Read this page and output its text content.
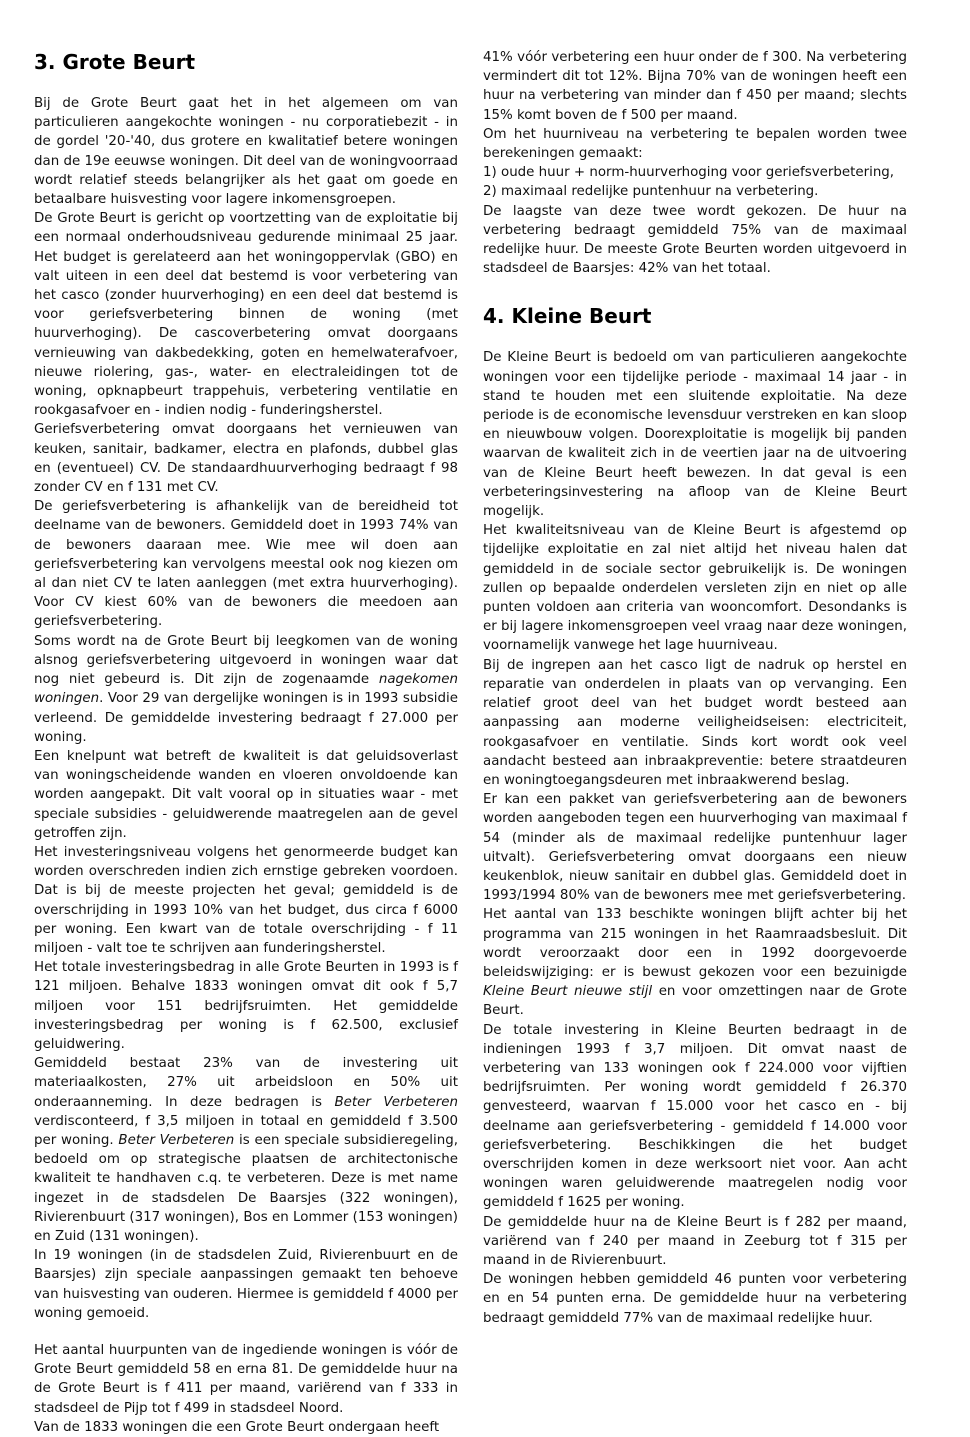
3. Grote Beurt

Bij de Grote Beurt gaat het in het algemeen om van particulieren aangekochte woningen - nu corporatiebezit - in de gordel '20-'40, dus grotere en kwalitatief betere woningen dan de 19e eeuwse woningen. Dit deel van de woningvoorraad wordt relatief steeds belangrijker als het gaat om goede en betaalbare huisvesting voor lagere inkomensgroepen.

De Grote Beurt is gericht op voortzetting van de exploitatie bij een normaal onderhoudsniveau gedurende minimaal 25 jaar. Het budget is gerelateerd aan het woningoppervlak (GBO) en valt uiteen in een deel dat bestemd is voor verbetering van het casco (zonder huurverhoging) en een deel dat bestemd is voor geriefsverbetering binnen de woning (met huurverhoging). De cascoverbetering omvat doorgaans vernieuwing van dakbedekking, goten en hemelwaterafvoer, nieuwe riolering, gas-, water- en electraleidingen tot de woning, opknapbeurt trappehuis, verbetering ventilatie en rookgasafvoer en - indien nodig - funderingsherstel.

Geriefsverbetering omvat doorgaans het vernieuwen van keuken, sanitair, badkamer, electra en plafonds, dubbel glas en (eventueel) CV. De standaardhuurverhoging bedraagt f 98 zonder CV en f 131 met CV.

De geriefsverbetering is afhankelijk van de bereidheid tot deelname van de bewoners. Gemiddeld doet in 1993 74% van de bewoners daaraan mee. Wie mee wil doen aan geriefsverbetering kan vervolgens meestal ook nog kiezen om al dan niet CV te laten aanleggen (met extra huurverhoging). Voor CV kiest 60% van de bewoners die meedoen aan geriefsverbetering.

Soms wordt na de Grote Beurt bij leegkomen van de woning alsnog geriefsverbetering uitgevoerd in woningen waar dat nog niet gebeurd is. Dit zijn de zogenaamde nagekomen woningen. Voor 29 van dergelijke woningen is in 1993 subsidie verleend. De gemiddelde investering bedraagt f 27.000 per woning.

Een knelpunt wat betreft de kwaliteit is dat geluidsoverlast van woningscheidende wanden en vloeren onvoldoende kan worden aangepakt. Dit valt vooral op in situaties waar - met speciale subsidies - geluidwerende maatregelen aan de gevel getroffen zijn.

Het investeringsniveau volgens het genormeerde budget kan worden overschreden indien zich ernstige gebreken voordoen. Dat is bij de meeste projecten het geval; gemiddeld is de overschrijding in 1993 10% van het budget, dus circa f 6000 per woning. Een kwart van de totale overschrijding - f 11 miljoen - valt toe te schrijven aan funderingsherstel.

Het totale investeringsbedrag in alle Grote Beurten in 1993 is f 121 miljoen. Behalve 1833 woningen omvat dit ook f 5,7 miljoen voor 151 bedrijfsruimten. Het gemiddelde investeringsbedrag per woning is f 62.500, exclusief geluidwering.

Gemiddeld bestaat 23% van de investering uit materiaalkosten, 27% uit arbeidsloon en 50% uit onderaanneming. In deze bedragen is Beter Verbeteren verdisconteerd, f 3,5 miljoen in totaal en gemiddeld f 3.500 per woning. Beter Verbeteren is een speciale subsidieregeling, bedoeld om op strategische plaatsen de architectonische kwaliteit te handhaven c.q. te verbeteren. Deze is met name ingezet in de stadsdelen De Baarsjes (322 woningen), Rivierenbuurt (317 woningen), Bos en Lommer (153 woningen) en Zuid (131 woningen).

In 19 woningen (in de stadsdelen Zuid, Rivierenbuurt en de Baarsjes) zijn speciale aanpassingen gemaakt ten behoeve van huisvesting van ouderen. Hiermee is gemiddeld f 4000 per woning gemoeid.

Het aantal huurpunten van de ingediende woningen is vóór de Grote Beurt gemiddeld 58 en erna 81. De gemiddelde huur na de Grote Beurt is f 411 per maand, variërend van f 333 in stadsdeel de Pijp tot f 499 in stadsdeel Noord.

Van de 1833 woningen die een Grote Beurt ondergaan heeft

41% vóór verbetering een huur onder de f 300. Na verbetering vermindert dit tot 12%. Bijna 70% van de woningen heeft een huur na verbetering van minder dan f 450 per maand; slechts 15% komt boven de f 500 per maand.

Om het huurniveau na verbetering te bepalen worden twee berekeningen gemaakt:

1) oude huur + norm-huurverhoging voor geriefsverbetering,

2) maximaal redelijke puntenhuur na verbetering.

De laagste van deze twee wordt gekozen. De huur na verbetering bedraagt gemiddeld 75% van de maximaal redelijke huur. De meeste Grote Beurten worden uitgevoerd in stadsdeel de Baarsjes: 42% van het totaal.

4. Kleine Beurt

De Kleine Beurt is bedoeld om van particulieren aangekochte woningen voor een tijdelijke periode - maximaal 14 jaar - in stand te houden met een sluitende exploitatie. Na deze periode is de economische levensduur verstreken en kan sloop en nieuwbouw volgen. Doorexploitatie is mogelijk bij panden waarvan de kwaliteit zich in de veertien jaar na de uitvoering van de Kleine Beurt heeft bewezen. In dat geval is een verbeteringsinvestering na afloop van de Kleine Beurt mogelijk.

Het kwaliteitsniveau van de Kleine Beurt is afgestemd op tijdelijke exploitatie en zal niet altijd het niveau halen dat gemiddeld in de sociale sector gebruikelijk is. De woningen zullen op bepaalde onderdelen versleten zijn en niet op alle punten voldoen aan criteria van wooncomfort. Desondanks is er bij lagere inkomensgroepen veel vraag naar deze woningen, voornamelijk vanwege het lage huurniveau.

Bij de ingrepen aan het casco ligt de nadruk op herstel en reparatie van onderdelen in plaats van op vervanging. Een relatief groot deel van het budget wordt besteed aan aanpassing aan moderne veiligheidseisen: electriciteit, rookgasafvoer en ventilatie. Sinds kort wordt ook veel aandacht besteed aan inbraakpreventie: betere straatdeuren en woningtoegangsdeuren met inbraakwerend beslag.

Er kan een pakket van geriefsverbetering aan de bewoners worden aangeboden tegen een huurverhoging van maximaal f 54 (minder als de maximaal redelijke puntenhuur lager uitvalt). Geriefsverbetering omvat doorgaans een nieuw keukenblok, nieuw sanitair en dubbel glas. Gemiddeld doet in 1993/1994 80% van de bewoners mee met geriefsverbetering.

Het aantal van 133 beschikte woningen blijft achter bij het programma van 215 woningen in het Raamraadsbesluit. Dit wordt veroorzaakt door een in 1992 doorgevoerde beleidswijziging: er is bewust gekozen voor een bezuinigde Kleine Beurt nieuwe stijl en voor omzettingen naar de Grote Beurt.

De totale investering in Kleine Beurten bedraagt in de indieningen 1993 f 3,7 miljoen. Dit omvat naast de verbetering van 133 woningen ook f 224.000 voor vijftien bedrijfsruimten. Per woning wordt gemiddeld f 26.370 genvesteerd, waarvan f 15.000 voor het casco en - bij deelname aan geriefsverbetering - gemiddeld f 14.000 voor geriefsverbetering. Beschikkingen die het budget overschrijden komen in deze werksoort niet voor. Aan acht woningen waren geluidwerende maatregelen nodig voor gemiddeld f 1625 per woning.

De gemiddelde huur na de Kleine Beurt is f 282 per maand, variërend van f 240 per maand in Zeeburg tot f 315 per maand in de Rivierenbuurt.

De woningen hebben gemiddeld 46 punten voor verbetering en en 54 punten erna. De gemiddelde huur na verbetering bedraagt gemiddeld 77% van de maximaal redelijke huur.
